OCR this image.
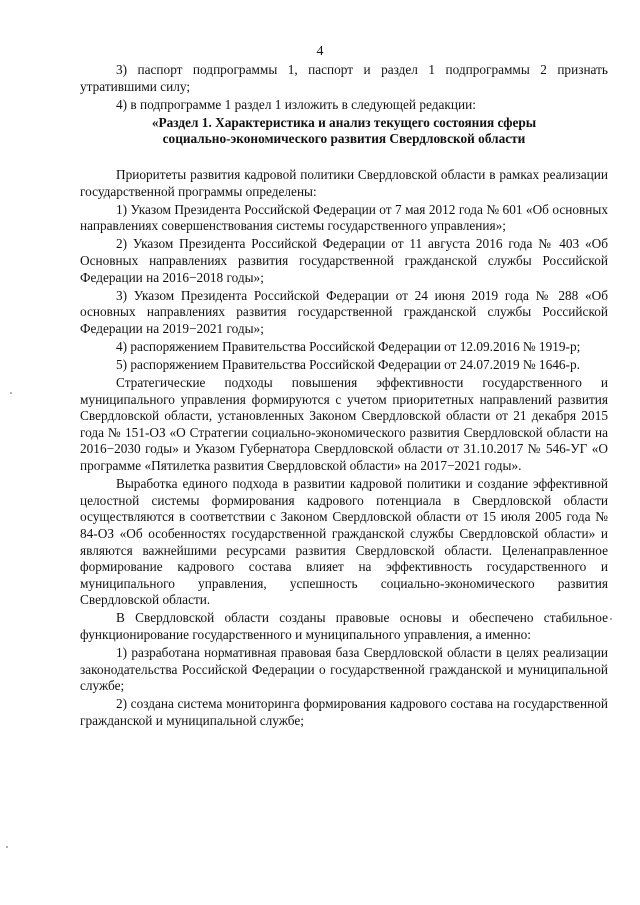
4

3) паспорт подпрограммы 1, паспорт и раздел 1 подпрограммы 2 признать утратившими силу;

4) в подпрограмме 1 раздел 1 изложить в следующей редакции:

«Раздел 1. Характеристика и анализ текущего состояния сферы
социально-экономического развития Свердловской области

Приоритеты развития кадровой политики Свердловской области в рамках реализации государственной программы определены:

1) Указом Президента Российской Федерации от 7 мая 2012 года № 601 «Об основных направлениях совершенствования системы государственного управления»;

2) Указом Президента Российской Федерации от 11 августа 2016 года № 403 «Об Основных направлениях развития государственной гражданской службы Российской Федерации на 2016−2018 годы»;

3) Указом Президента Российской Федерации от 24 июня 2019 года № 288 «Об основных направлениях развития государственной гражданской службы Российской Федерации на 2019−2021 годы»;

4) распоряжением Правительства Российской Федерации от 12.09.2016 № 1919-р;

5) распоряжением Правительства Российской Федерации от 24.07.2019 № 1646-р.

Стратегические подходы повышения эффективности государственного и муниципального управления формируются с учетом приоритетных направлений развития Свердловской области, установленных Законом Свердловской области от 21 декабря 2015 года № 151-ОЗ «О Стратегии социально-экономического развития Свердловской области на 2016−2030 годы» и Указом Губернатора Свердловской области от 31.10.2017 № 546-УГ «О программе «Пятилетка развития Свердловской области» на 2017−2021 годы».

Выработка единого подхода в развитии кадровой политики и создание эффективной целостной системы формирования кадрового потенциала в Свердловской области осуществляются в соответствии с Законом Свердловской области от 15 июля 2005 года № 84-ОЗ «Об особенностях государственной гражданской службы Свердловской области» и являются важнейшими ресурсами развития Свердловской области. Целенаправленное формирование кадрового состава влияет на эффективность государственного и муниципального управления, успешность социально-экономического развития Свердловской области.

В Свердловской области созданы правовые основы и обеспечено стабильное функционирование государственного и муниципального управления, а именно:

1) разработана нормативная правовая база Свердловской области в целях реализации законодательства Российской Федерации о государственной гражданской и муниципальной службе;

2) создана система мониторинга формирования кадрового состава на государственной гражданской и муниципальной службе;
